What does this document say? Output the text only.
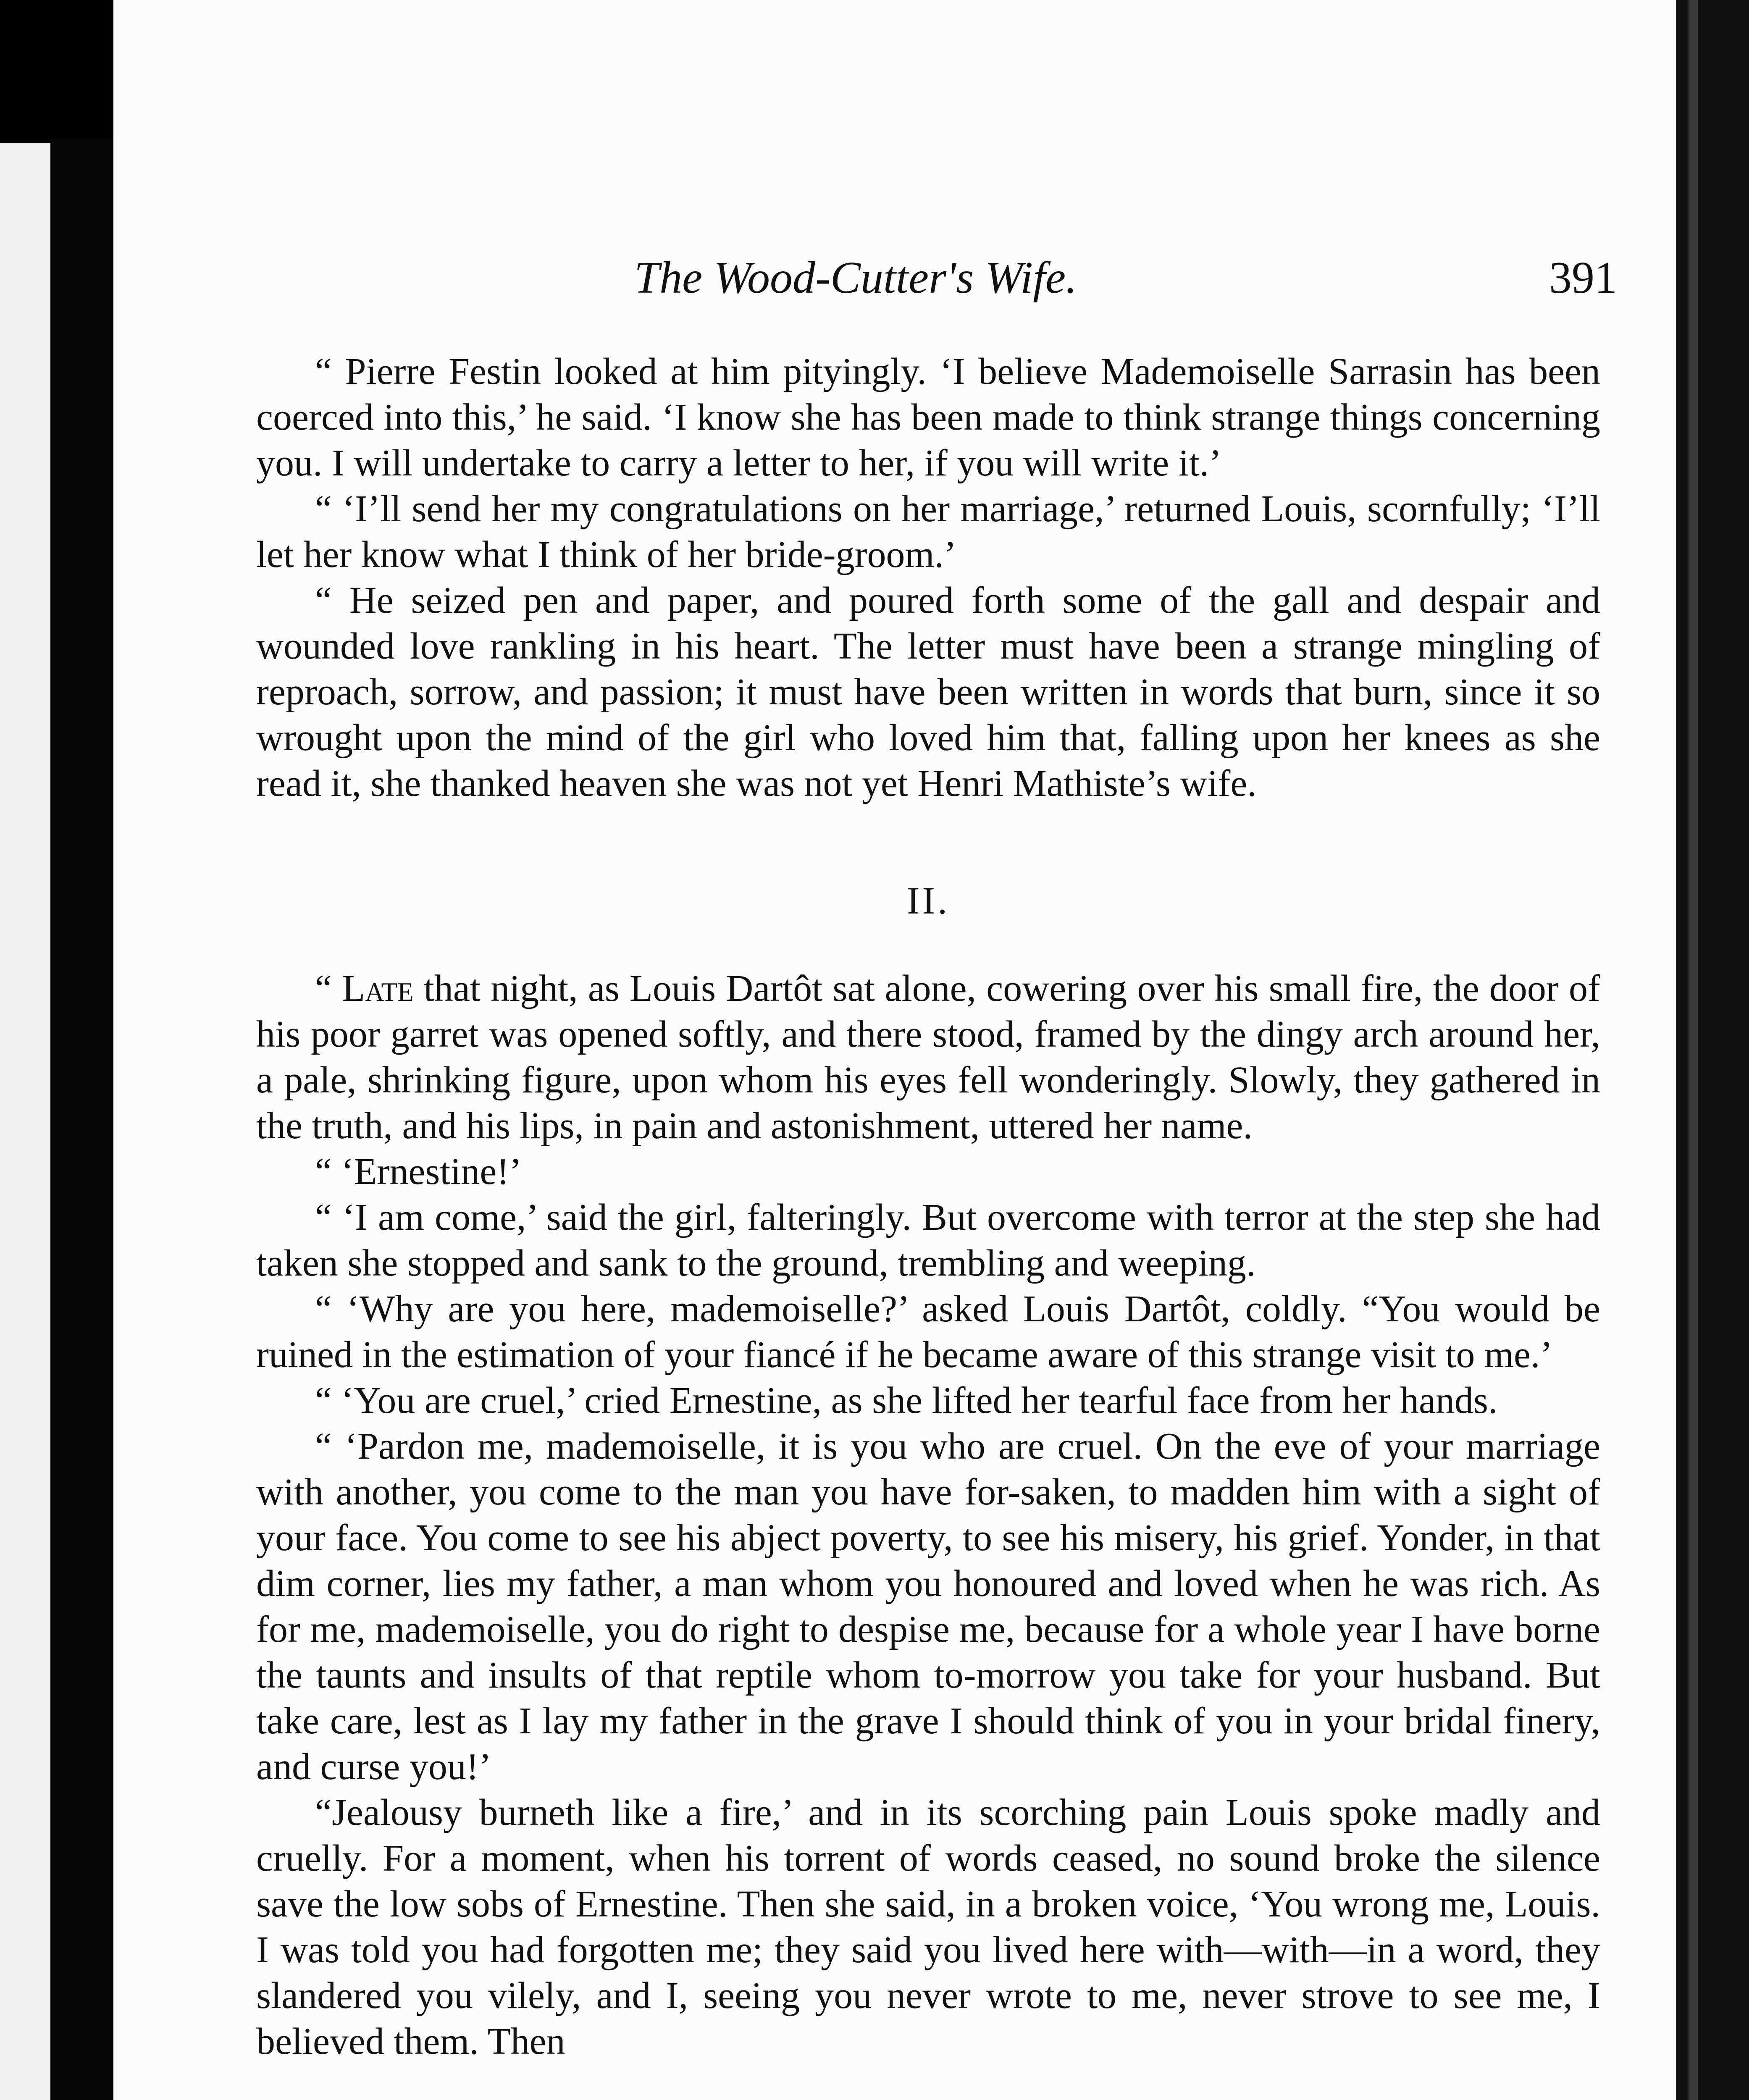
The Wood-Cutter's Wife.	391

“ Pierre Festin looked at him pityingly. ‘I believe Mademoiselle Sarrasin has been coerced into this,’ he said. ‘I know she has been made to think strange things concerning you. I will undertake to carry a letter to her, if you will write it.’

“ ‘I’ll send her my congratulations on her marriage,’ returned Louis, scornfully; ‘I’ll let her know what I think of her bride-groom.’

“ He seized pen and paper, and poured forth some of the gall and despair and wounded love rankling in his heart. The letter must have been a strange mingling of reproach, sorrow, and passion; it must have been written in words that burn, since it so wrought upon the mind of the girl who loved him that, falling upon her knees as she read it, she thanked heaven she was not yet Henri Mathiste’s wife.

II.

“ Late that night, as Louis Dartôt sat alone, cowering over his small fire, the door of his poor garret was opened softly, and there stood, framed by the dingy arch around her, a pale, shrinking figure, upon whom his eyes fell wonderingly. Slowly, they gathered in the truth, and his lips, in pain and astonishment, uttered her name.

“ ‘Ernestine!’

“ ‘I am come,’ said the girl, falteringly. But overcome with terror at the step she had taken she stopped and sank to the ground, trembling and weeping.

“ ‘Why are you here, mademoiselle?’ asked Louis Dartôt, coldly. “You would be ruined in the estimation of your fiancé if he became aware of this strange visit to me.’

“ ‘You are cruel,’ cried Ernestine, as she lifted her tearful face from her hands.

“ ‘Pardon me, mademoiselle, it is you who are cruel. On the eve of your marriage with another, you come to the man you have for-saken, to madden him with a sight of your face. You come to see his abject poverty, to see his misery, his grief. Yonder, in that dim corner, lies my father, a man whom you honoured and loved when he was rich. As for me, mademoiselle, you do right to despise me, because for a whole year I have borne the taunts and insults of that reptile whom to-morrow you take for your husband. But take care, lest as I lay my father in the grave I should think of you in your bridal finery, and curse you!’

“Jealousy burneth like a fire,’ and in its scorching pain Louis spoke madly and cruelly. For a moment, when his torrent of words ceased, no sound broke the silence save the low sobs of Ernestine. Then she said, in a broken voice, ‘You wrong me, Louis. I was told you had forgotten me; they said you lived here with—with—in a word, they slandered you vilely, and I, seeing you never wrote to me, never strove to see me, I believed them. Then
